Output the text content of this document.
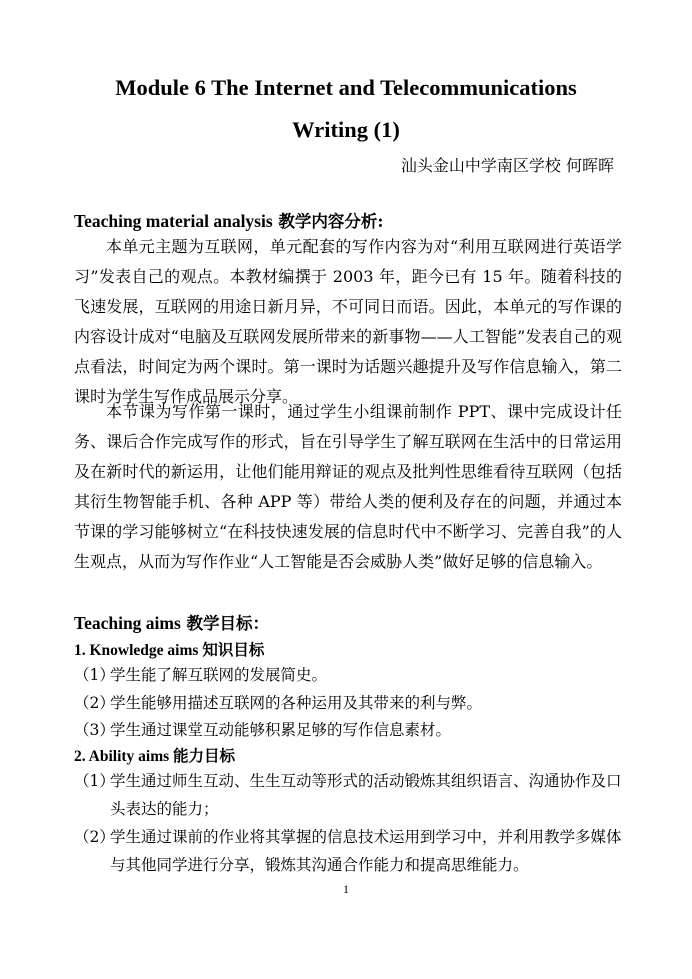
Module 6 The Internet and Telecommunications
Writing (1)
汕头金山中学南区学校 何晖晖
Teaching material analysis 教学内容分析:
本单元主题为互联网，单元配套的写作内容为对“利用互联网进行英语学习”发表自己的观点。本教材编撰于 2003 年，距今已有 15 年。随着科技的飞速发展，互联网的用途日新月异，不可同日而语。因此，本单元的写作课的内容设计成对“电脑及互联网发展所带来的新事物——人工智能”发表自己的观点看法，时间定为两个课时。第一课时为话题兴趣提升及写作信息输入，第二课时为学生写作成品展示分享。
本节课为写作第一课时，通过学生小组课前制作 PPT、课中完成设计任务、课后合作完成写作的形式，旨在引导学生了解互联网在生活中的日常运用及在新时代的新运用，让他们能用辩证的观点及批判性思维看待互联网（包括其衍生物智能手机、各种 APP 等）带给人类的便利及存在的问题，并通过本节课的学习能够树立“在科技快速发展的信息时代中不断学习、完善自我”的人生观点，从而为写作作业“人工智能是否会威胁人类”做好足够的信息输入。
Teaching aims 教学目标：
1. Knowledge aims 知识目标
（1）学生能了解互联网的发展简史。
（2）学生能够用描述互联网的各种运用及其带来的利与弊。
（3）学生通过课堂互动能够积累足够的写作信息素材。
2. Ability aims 能力目标
（1）
学生通过师生互动、生生互动等形式的活动锻炼其组织语言、沟通协作及口头表达的能力；
（2）
学生通过课前的作业将其掌握的信息技术运用到学习中，并利用教学多媒体与其他同学进行分享，锻炼其沟通合作能力和提高思维能力。
1
